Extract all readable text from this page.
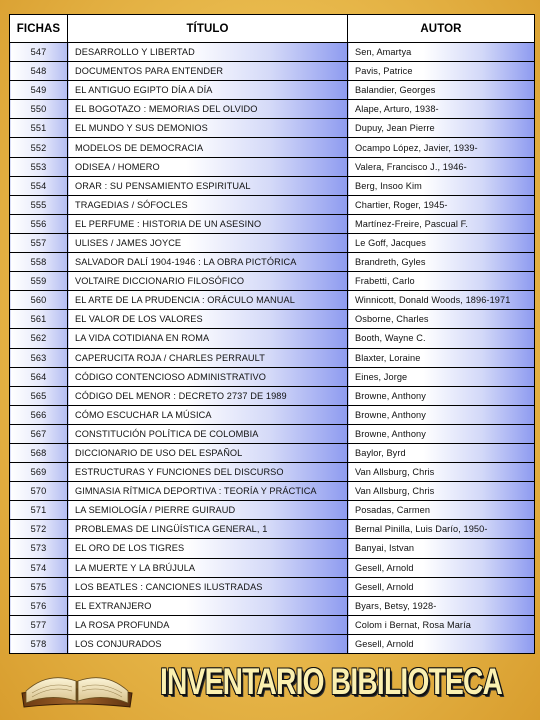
FICHAS	TÍTULO	AUTOR
547	DESARROLLO Y LIBERTAD	Sen, Amartya
548	DOCUMENTOS PARA ENTENDER	Pavis, Patrice
549	EL ANTIGUO EGIPTO DÍA A DÍA	Balandier, Georges
550	EL BOGOTAZO : MEMORIAS DEL OLVIDO	Alape, Arturo, 1938-
551	EL MUNDO Y SUS DEMONIOS	Dupuy, Jean Pierre
552	MODELOS DE DEMOCRACIA	Ocampo López, Javier, 1939-
553	ODISEA / HOMERO	Valera, Francisco J., 1946-
554	ORAR : SU PENSAMIENTO ESPIRITUAL	Berg, Insoo Kim
555	TRAGEDIAS / SÓFOCLES	Chartier, Roger, 1945-
556	EL PERFUME : HISTORIA DE UN ASESINO	Martínez-Freire, Pascual F.
557	ULISES / JAMES JOYCE	Le Goff, Jacques
558	SALVADOR DALÍ 1904-1946 : LA OBRA PICTÓRICA	Brandreth, Gyles
559	VOLTAIRE DICCIONARIO FILOSÓFICO	Frabetti, Carlo
560	EL ARTE DE LA PRUDENCIA : ORÁCULO MANUAL	Winnicott, Donald Woods, 1896-1971
561	EL VALOR DE LOS VALORES	Osborne, Charles
562	LA VIDA COTIDIANA EN ROMA	Booth, Wayne C.
563	CAPERUCITA ROJA / CHARLES PERRAULT	Blaxter, Loraine
564	CÓDIGO CONTENCIOSO ADMINISTRATIVO	Eines, Jorge
565	CÓDIGO DEL MENOR : DECRETO 2737 DE 1989	Browne, Anthony
566	CÓMO ESCUCHAR LA MÚSICA	Browne, Anthony
567	CONSTITUCIÓN POLÍTICA DE COLOMBIA	Browne, Anthony
568	DICCIONARIO DE USO DEL ESPAÑOL	Baylor, Byrd
569	ESTRUCTURAS Y FUNCIONES DEL DISCURSO	Van Allsburg, Chris
570	GIMNASIA RÍTMICA DEPORTIVA : TEORÍA Y PRÁCTICA	Van Allsburg, Chris
571	LA SEMIOLOGÍA / PIERRE GUIRAUD	Posadas, Carmen
572	PROBLEMAS DE LINGÜÍSTICA GENERAL, 1	Bernal Pinilla, Luis Darío, 1950-
573	EL ORO DE LOS TIGRES	Banyai, Istvan
574	LA MUERTE Y LA BRÚJULA	Gesell, Arnold
575	LOS BEATLES : CANCIONES ILUSTRADAS	Gesell, Arnold
576	EL EXTRANJERO	Byars, Betsy, 1928-
577	LA ROSA PROFUNDA	Colom i Bernat, Rosa María
578	LOS CONJURADOS	Gesell, Arnold
INVENTARIO BIBILIOTECA
